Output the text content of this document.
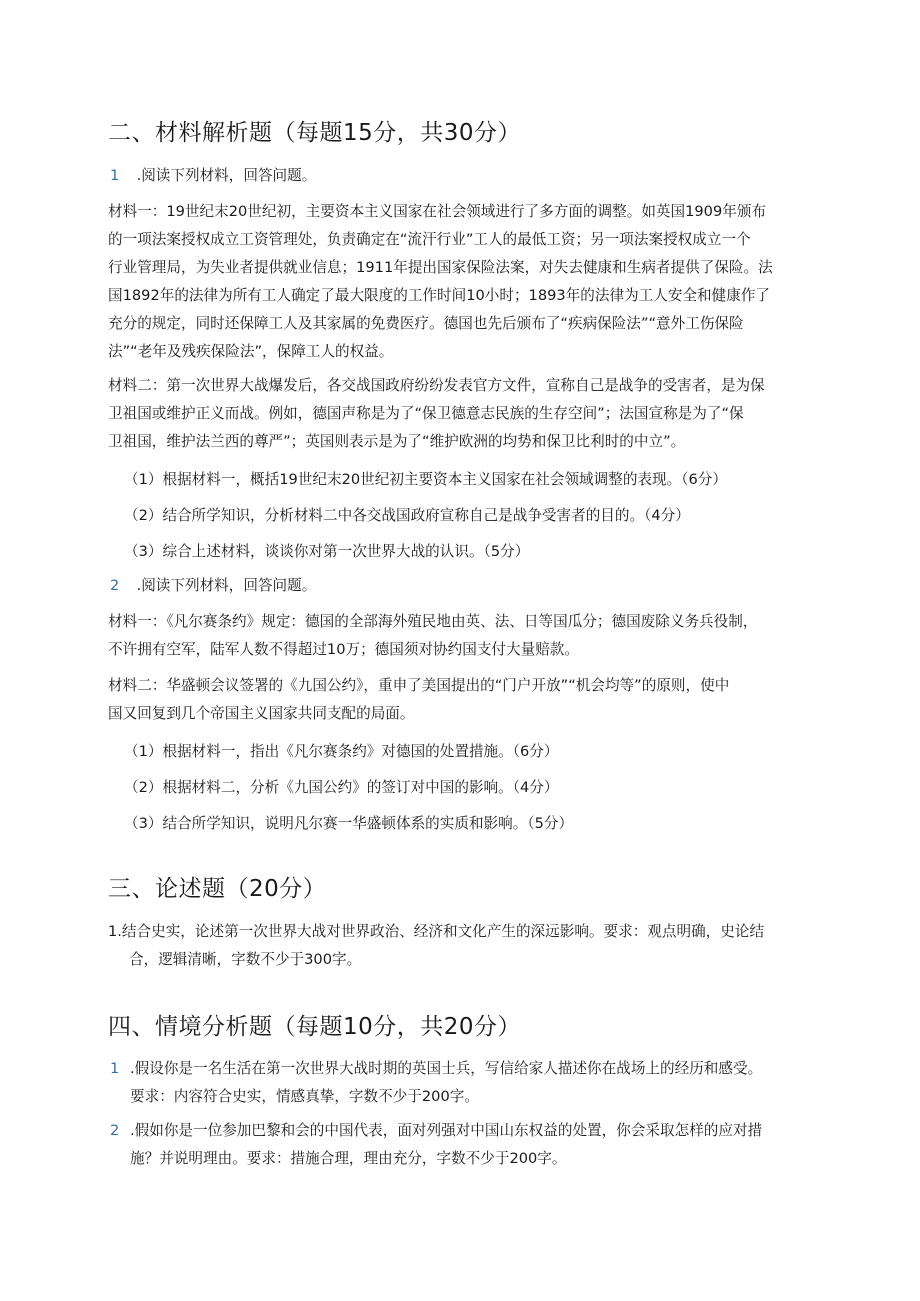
二、材料解析题（每题15分，共30分）
1 .阅读下列材料，回答问题。
材料一：19世纪末20世纪初，主要资本主义国家在社会领域进行了多方面的调整。如英国1909年颁布
的一项法案授权成立工资管理处，负责确定在“流汗行业”工人的最低工资；另一项法案授权成立一个
行业管理局，为失业者提供就业信息；1911年提出国家保险法案，对失去健康和生病者提供了保险。法
国1892年的法律为所有工人确定了最大限度的工作时间10小时；1893年的法律为工人安全和健康作了
充分的规定，同时还保障工人及其家属的免费医疗。德国也先后颁布了“疾病保险法”“意外工伤保险
法”“老年及残疾保险法”，保障工人的权益。
材料二：第一次世界大战爆发后，各交战国政府纷纷发表官方文件，宣称自己是战争的受害者，是为保
卫祖国或维护正义而战。例如，德国声称是为了“保卫德意志民族的生存空间”；法国宣称是为了“保
卫祖国，维护法兰西的尊严”；英国则表示是为了“维护欧洲的均势和保卫比利时的中立”。
（1）根据材料一，概括19世纪末20世纪初主要资本主义国家在社会领域调整的表现。（6分）
（2）结合所学知识，分析材料二中各交战国政府宣称自己是战争受害者的目的。（4分）
（3）综合上述材料，谈谈你对第一次世界大战的认识。（5分）
2 .阅读下列材料，回答问题。
材料一：《凡尔赛条约》规定：德国的全部海外殖民地由英、法、日等国瓜分；德国废除义务兵役制，
不许拥有空军，陆军人数不得超过10万；德国须对协约国支付大量赔款。
材料二：华盛顿会议签署的《九国公约》，重申了美国提出的“门户开放”“机会均等”的原则，使中
国又回复到几个帝国主义国家共同支配的局面。
（1）根据材料一，指出《凡尔赛条约》对德国的处置措施。（6分）
（2）根据材料二，分析《九国公约》的签订对中国的影响。（4分）
（3）结合所学知识，说明凡尔赛一华盛顿体系的实质和影响。（5分）
三、论述题（20分）
1.结合史实，论述第一次世界大战对世界政治、经济和文化产生的深远影响。要求：观点明确，史论结
合，逻辑清晰，字数不少于300字。
四、情境分析题（每题10分，共20分）
1 .假设你是一名生活在第一次世界大战时期的英国士兵，写信给家人描述你在战场上的经历和感受。
要求：内容符合史实，情感真挚，字数不少于200字。
2 .假如你是一位参加巴黎和会的中国代表，面对列强对中国山东权益的处置，你会采取怎样的应对措
施？并说明理由。要求：措施合理，理由充分，字数不少于200字。
